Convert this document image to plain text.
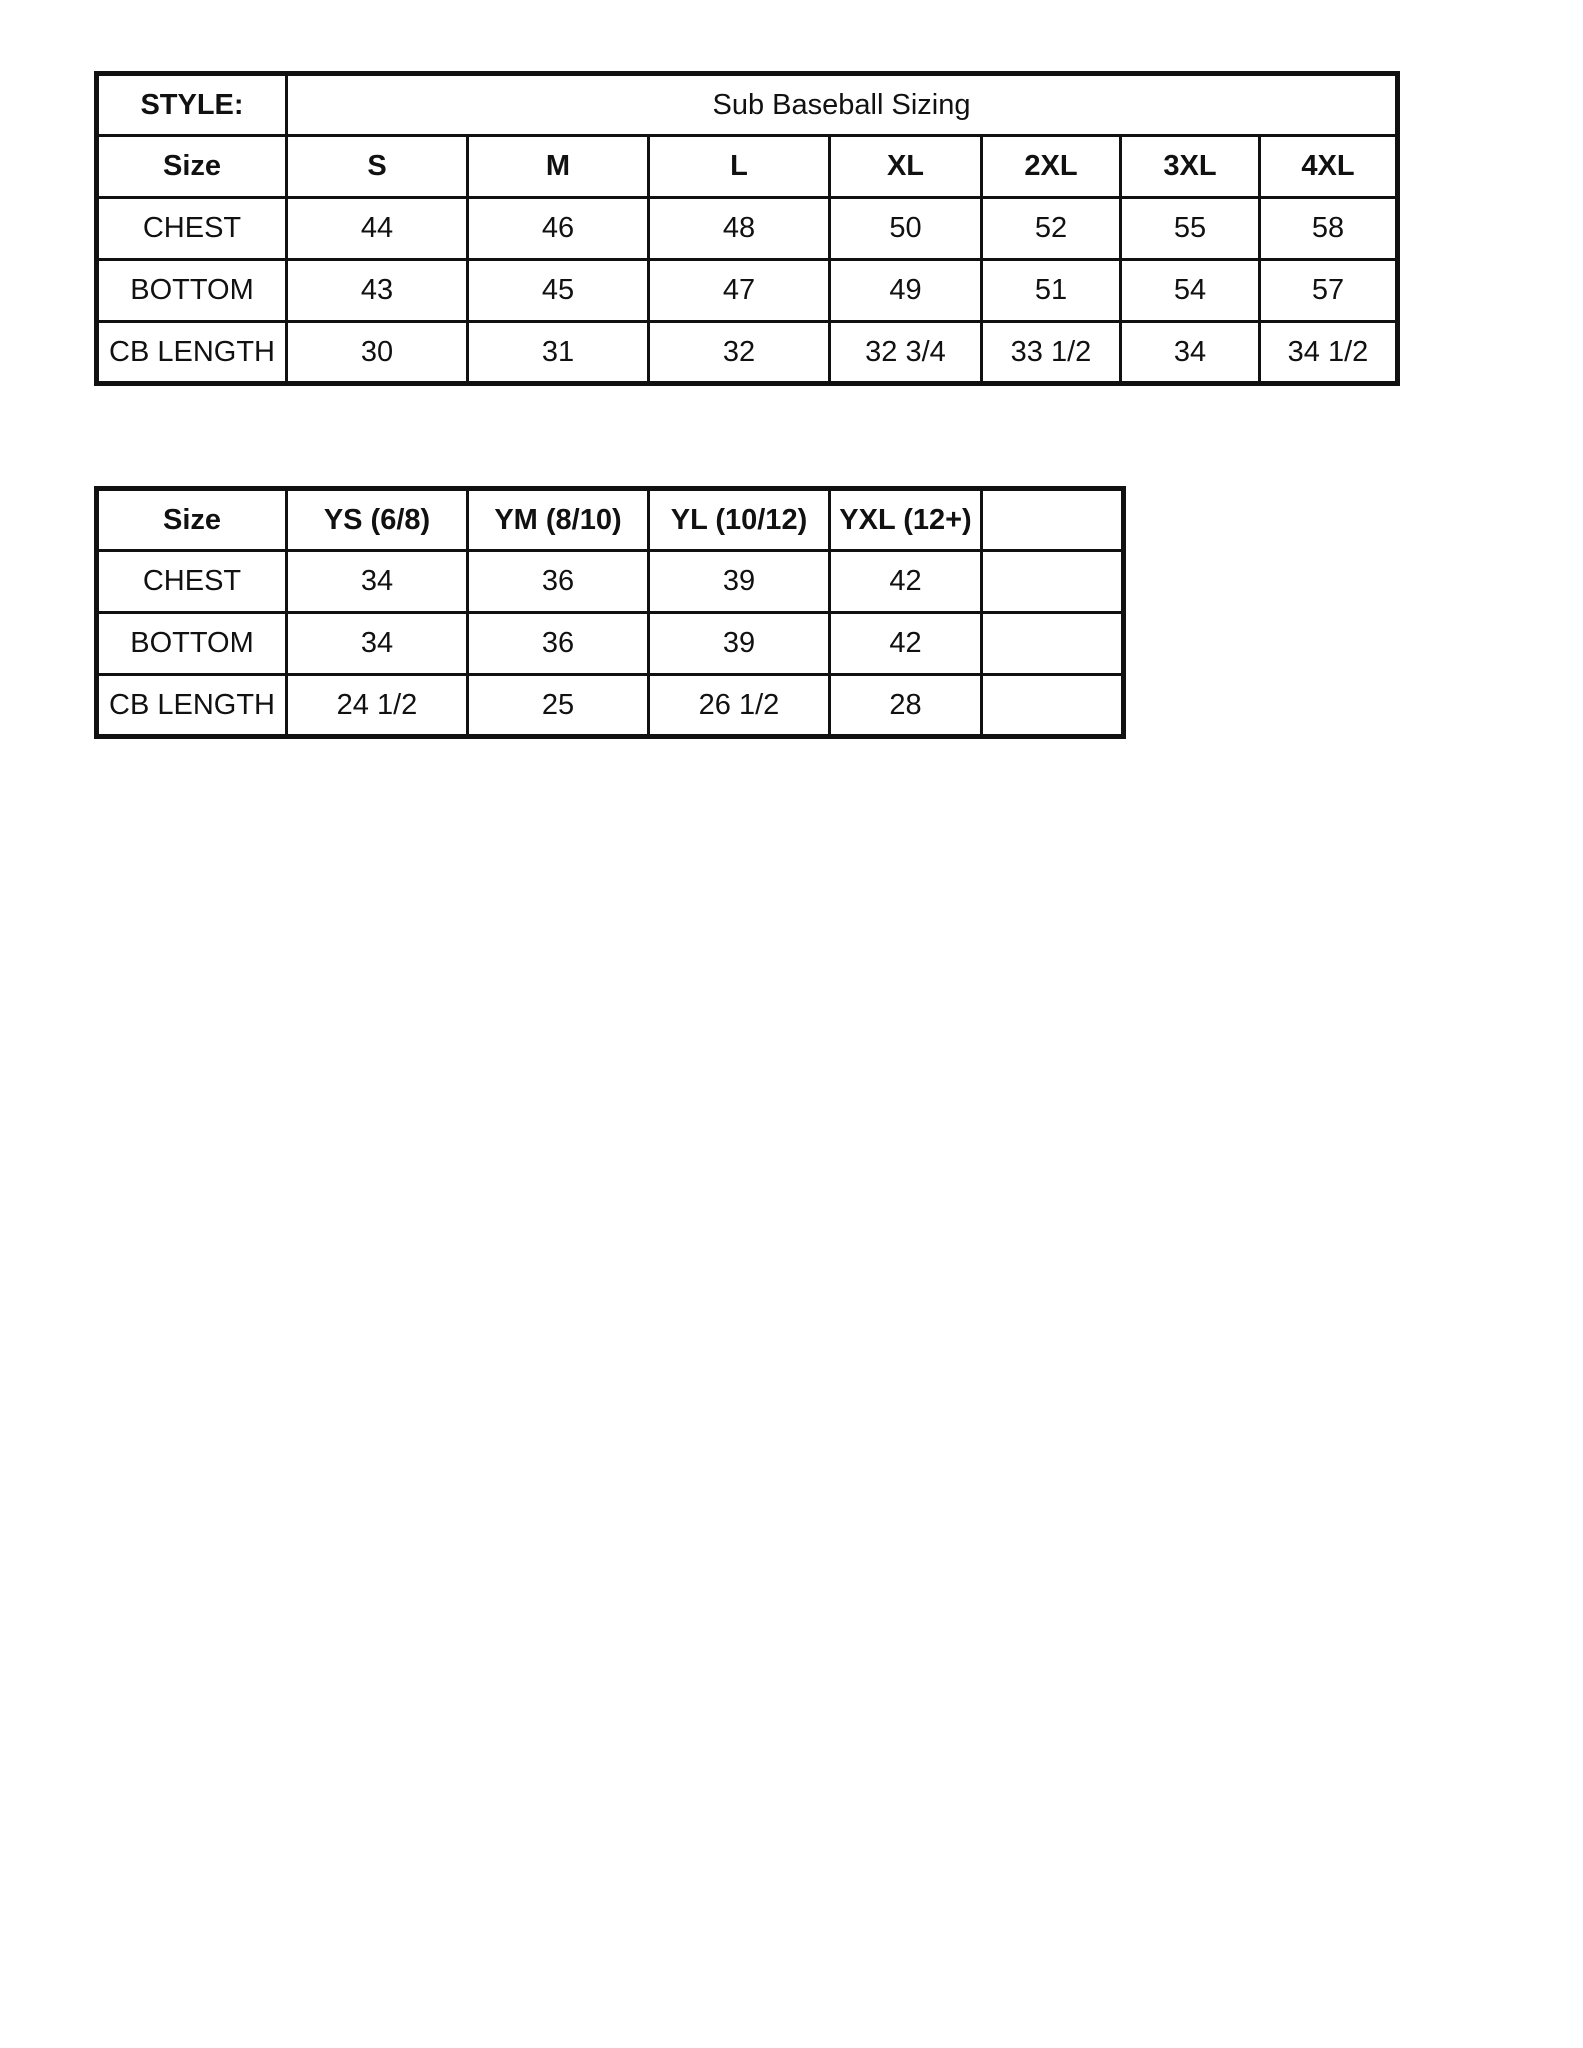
STYLE:	Sub Baseball Sizing						
Size	S	M	L	XL	2XL	3XL	4XL
CHEST	44	46	48	50	52	55	58
BOTTOM	43	45	47	49	51	54	57
CB LENGTH	30	31	32	32 3/4	33 1/2	34	34 1/2
Size	YS (6/8)	YM (8/10)	YL (10/12)	YXL (12+)	
CHEST	34	36	39	42	
BOTTOM	34	36	39	42	
CB LENGTH	24 1/2	25	26 1/2	28	
